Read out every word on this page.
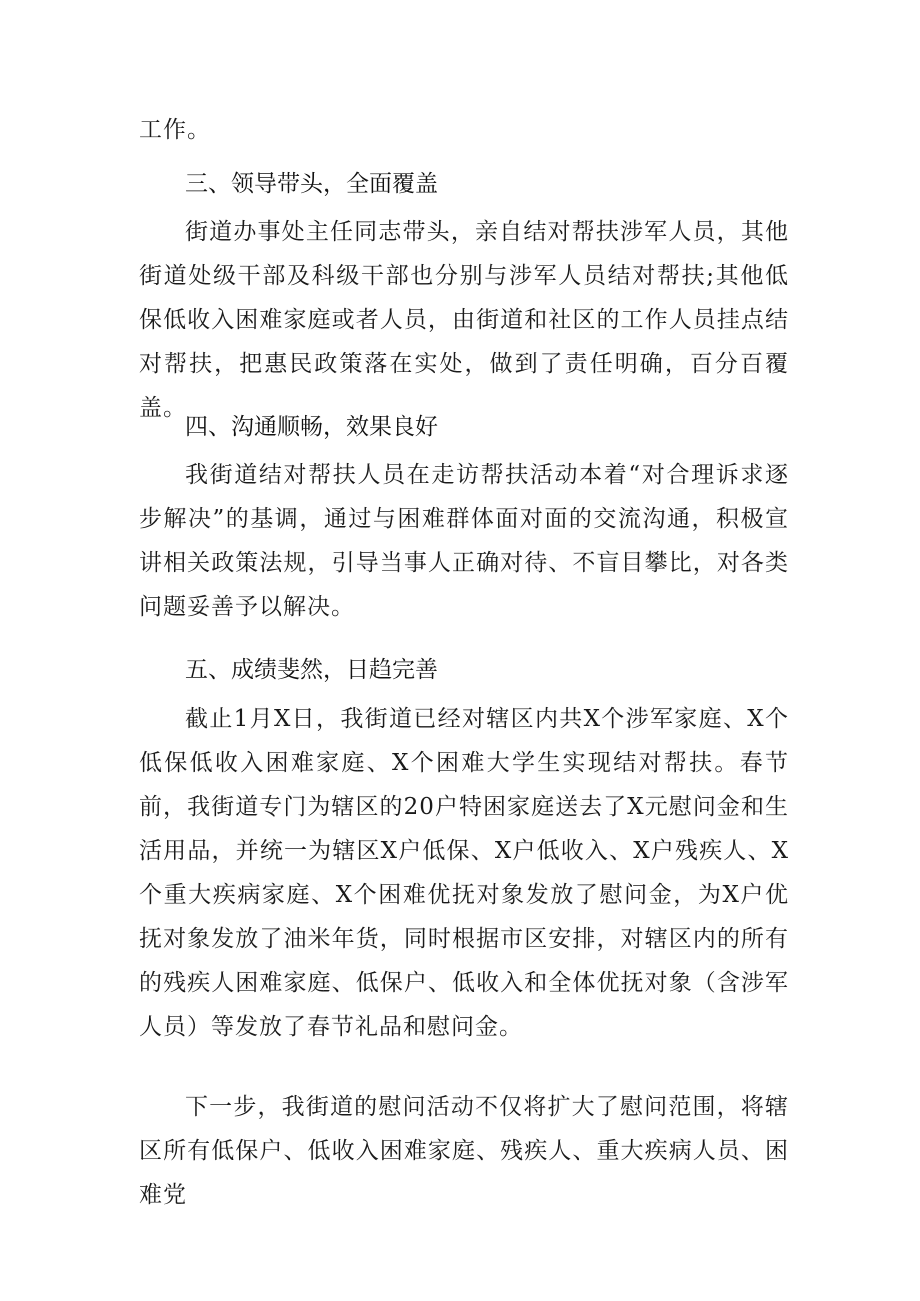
工作。

三、领导带头，全面覆盖

街道办事处主任同志带头，亲自结对帮扶涉军人员，其他街道处级干部及科级干部也分别与涉军人员结对帮扶;其他低保低收入困难家庭或者人员，由街道和社区的工作人员挂点结对帮扶，把惠民政策落在实处，做到了责任明确，百分百覆盖。

四、沟通顺畅，效果良好

我街道结对帮扶人员在走访帮扶活动本着“对合理诉求逐步解决”的基调，通过与困难群体面对面的交流沟通，积极宣讲相关政策法规，引导当事人正确对待、不盲目攀比，对各类问题妥善予以解决。

五、成绩斐然，日趋完善

截止1月X日，我街道已经对辖区内共X个涉军家庭、X个低保低收入困难家庭、X个困难大学生实现结对帮扶。春节前，我街道专门为辖区的20户特困家庭送去了X元慰问金和生活用品，并统一为辖区X户低保、X户低收入、X户残疾人、X个重大疾病家庭、X个困难优抚对象发放了慰问金，为X户优抚对象发放了油米年货，同时根据市区安排，对辖区内的所有的残疾人困难家庭、低保户、低收入和全体优抚对象（含涉军人员）等发放了春节礼品和慰问金。

下一步，我街道的慰问活动不仅将扩大了慰问范围，将辖区所有低保户、低收入困难家庭、残疾人、重大疾病人员、困难党
